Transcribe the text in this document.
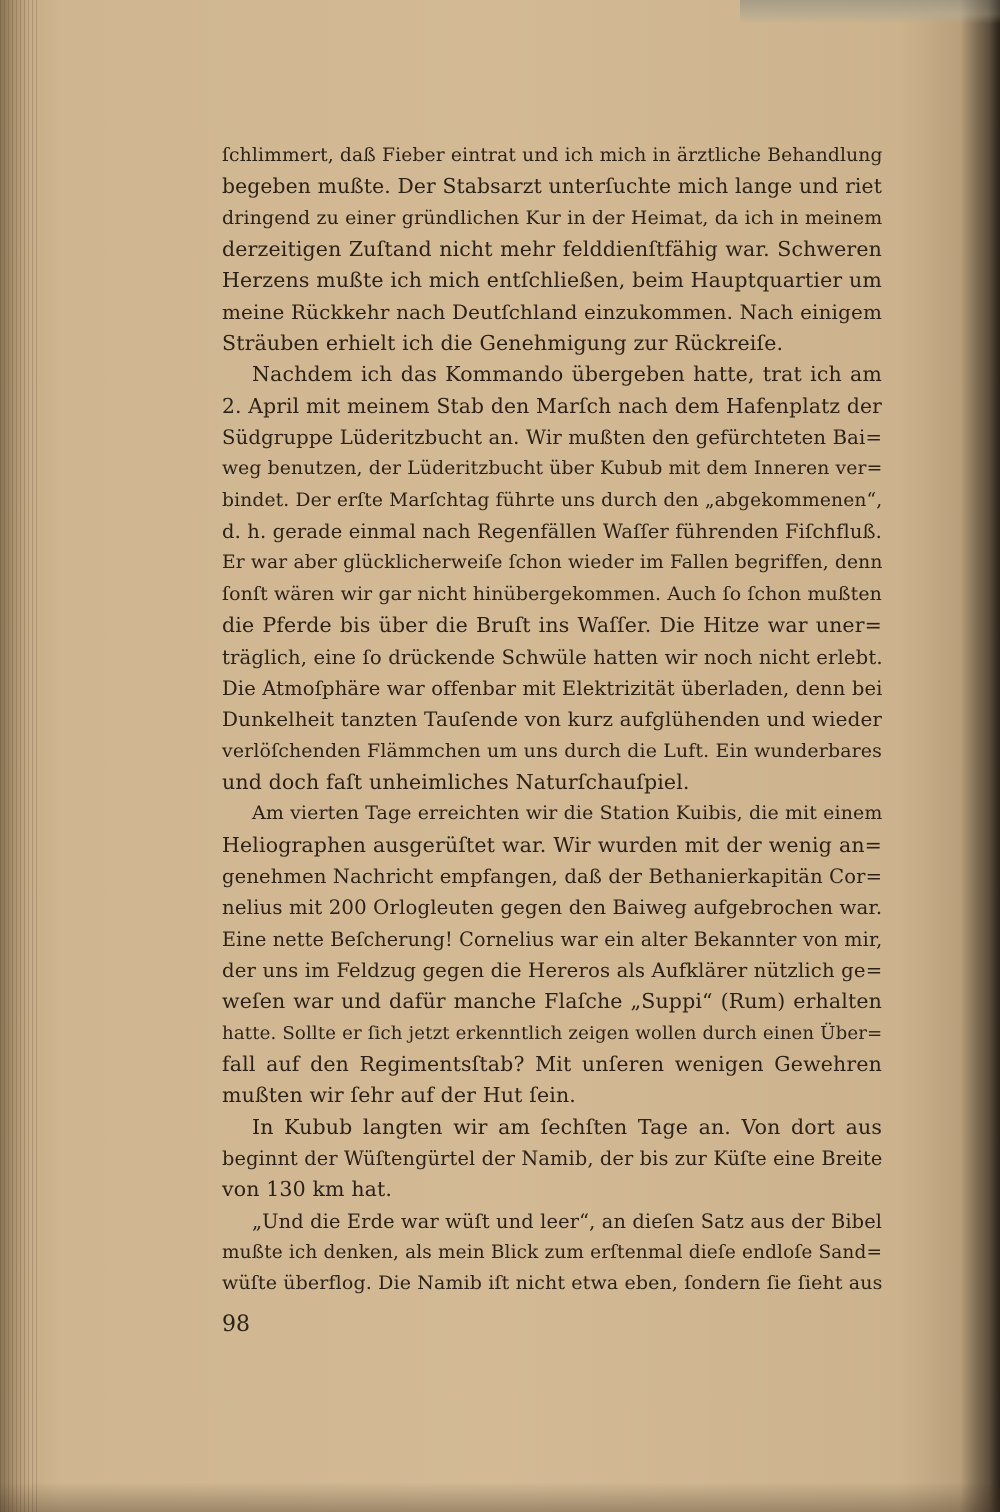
ſchlimmert, daß Fieber eintrat und ich mich in ärztliche Behandlung
begeben mußte. Der Stabsarzt unterſuchte mich lange und riet
dringend zu einer gründlichen Kur in der Heimat, da ich in meinem
derzeitigen Zuſtand nicht mehr felddienſtfähig war. Schweren
Herzens mußte ich mich entſchließen, beim Hauptquartier um
meine Rückkehr nach Deutſchland einzukommen. Nach einigem
Sträuben erhielt ich die Genehmigung zur Rückreiſe.
Nachdem ich das Kommando übergeben hatte, trat ich am
2. April mit meinem Stab den Marſch nach dem Hafenplatz der
Südgruppe Lüderitzbucht an. Wir mußten den gefürchteten Bai=
weg benutzen, der Lüderitzbucht über Kubub mit dem Inneren ver=
bindet. Der erſte Marſchtag führte uns durch den „abgekommenen“,
d. h. gerade einmal nach Regenfällen Waſſer führenden Fiſchfluß.
Er war aber glücklicherweiſe ſchon wieder im Fallen begriffen, denn
ſonſt wären wir gar nicht hinübergekommen. Auch ſo ſchon mußten
die Pferde bis über die Bruſt ins Waſſer. Die Hitze war uner=
träglich, eine ſo drückende Schwüle hatten wir noch nicht erlebt.
Die Atmoſphäre war offenbar mit Elektrizität überladen, denn bei
Dunkelheit tanzten Tauſende von kurz aufglühenden und wieder
verlöſchenden Flämmchen um uns durch die Luft. Ein wunderbares
und doch faſt unheimliches Naturſchauſpiel.
Am vierten Tage erreichten wir die Station Kuibis, die mit einem
Heliographen ausgerüſtet war. Wir wurden mit der wenig an=
genehmen Nachricht empfangen, daß der Bethanierkapitän Cor=
nelius mit 200 Orlogleuten gegen den Baiweg aufgebrochen war.
Eine nette Beſcherung! Cornelius war ein alter Bekannter von mir,
der uns im Feldzug gegen die Hereros als Aufklärer nützlich ge=
weſen war und dafür manche Flaſche „Suppi“ (Rum) erhalten
hatte. Sollte er ſich jetzt erkenntlich zeigen wollen durch einen Über=
fall auf den Regimentsſtab? Mit unſeren wenigen Gewehren
mußten wir ſehr auf der Hut ſein.
In Kubub langten wir am ſechſten Tage an. Von dort aus
beginnt der Wüſtengürtel der Namib, der bis zur Küſte eine Breite
von 130 km hat.
„Und die Erde war wüſt und leer“, an dieſen Satz aus der Bibel
mußte ich denken, als mein Blick zum erſtenmal dieſe endloſe Sand=
wüſte überflog. Die Namib iſt nicht etwa eben, ſondern ſie ſieht aus
98
